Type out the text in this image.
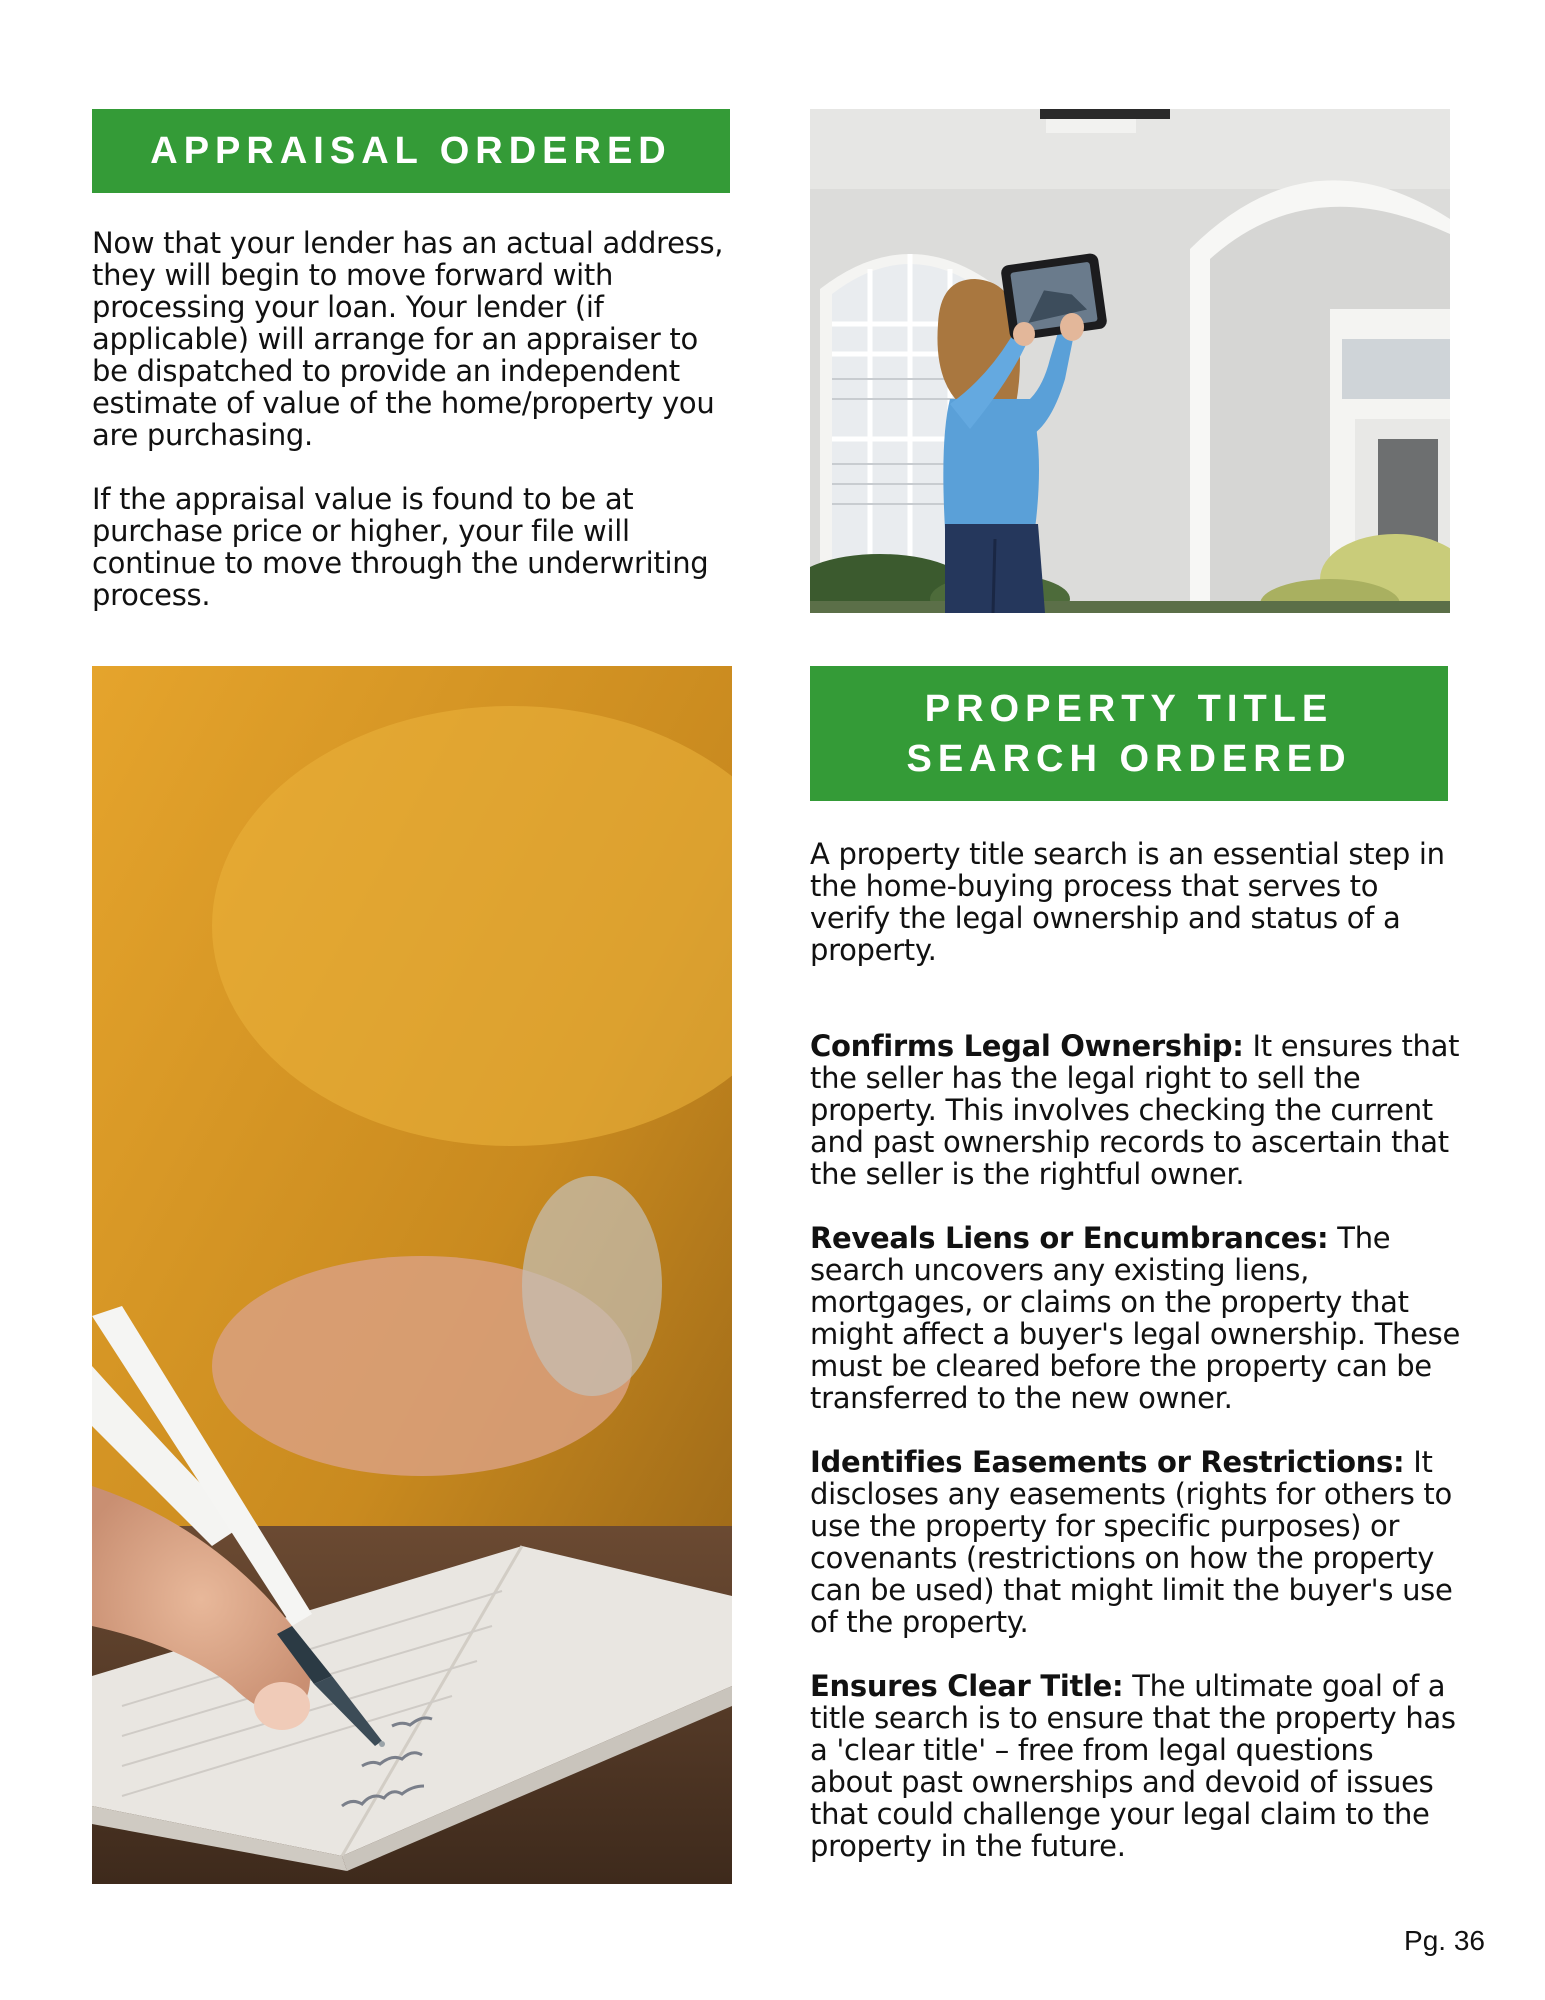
APPRAISAL ORDERED

Now that your lender has an actual address, they will begin to move forward with processing your loan. Your lender (if applicable) will arrange for an appraiser to be dispatched to provide an independent estimate of value of the home/property you are purchasing.

If the appraisal value is found to be at purchase price or higher, your file will continue to move through the underwriting process.

PROPERTY TITLE SEARCH ORDERED

A property title search is an essential step in the home-buying process that serves to verify the legal ownership and status of a property.

Confirms Legal Ownership: It ensures that the seller has the legal right to sell the property. This involves checking the current and past ownership records to ascertain that the seller is the rightful owner.

Reveals Liens or Encumbrances: The search uncovers any existing liens, mortgages, or claims on the property that might affect a buyer's legal ownership. These must be cleared before the property can be transferred to the new owner.

Identifies Easements or Restrictions: It discloses any easements (rights for others to use the property for specific purposes) or covenants (restrictions on how the property can be used) that might limit the buyer's use of the property.

Ensures Clear Title: The ultimate goal of a title search is to ensure that the property has a 'clear title' – free from legal questions about past ownerships and devoid of issues that could challenge your legal claim to the property in the future.

Pg. 36
